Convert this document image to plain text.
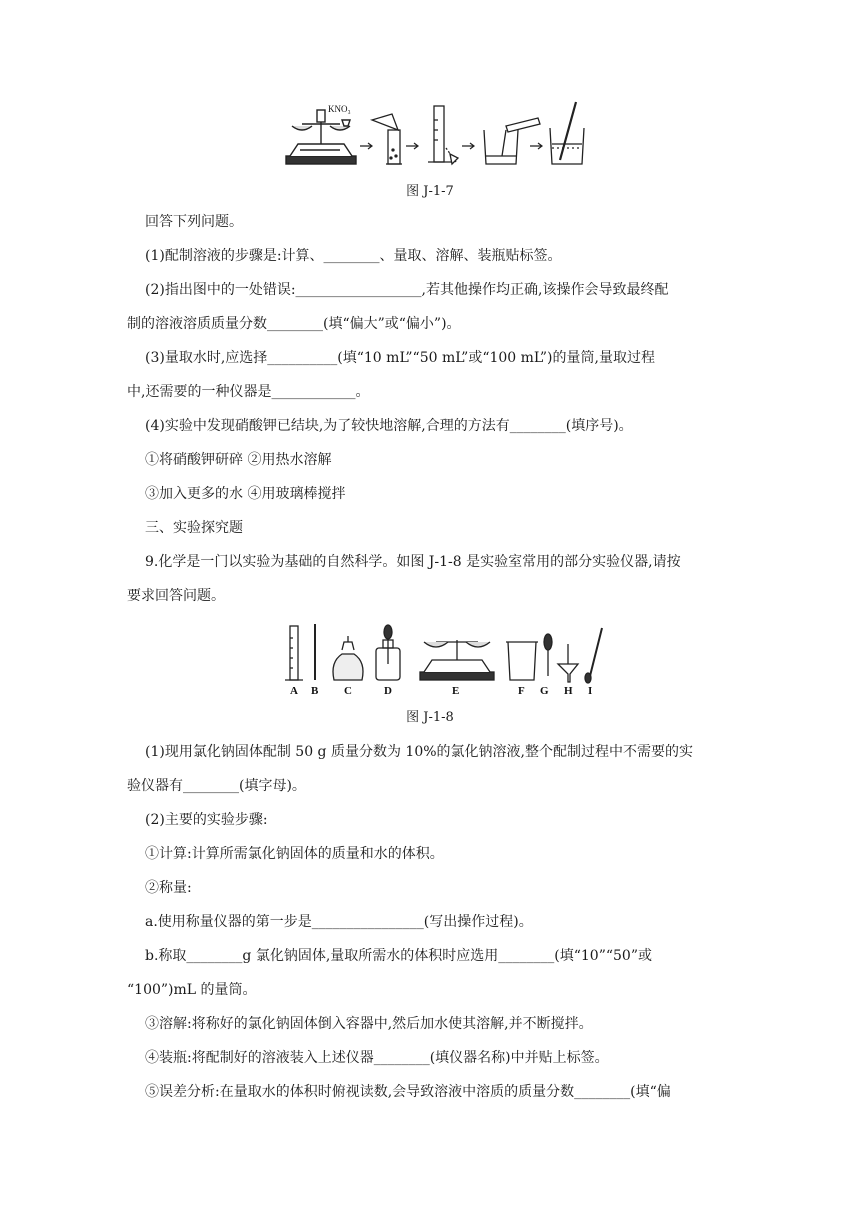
KNO₃
图 J-1-7
回答下列问题。
(1)配制溶液的步骤是:计算、________、量取、溶解、装瓶贴标签。
(2)指出图中的一处错误:__________________,若其他操作均正确,该操作会导致最终配
制的溶液溶质质量分数________(填“偏大”或“偏小”)。
(3)量取水时,应选择__________(填“10 mL”“50 mL”或“100 mL”)的量筒,量取过程
中,还需要的一种仪器是____________。
(4)实验中发现硝酸钾已结块,为了较快地溶解,合理的方法有________(填序号)。
①将硝酸钾研碎 ②用热水溶解
③加入更多的水 ④用玻璃棒搅拌
三、实验探究题
9.化学是一门以实验为基础的自然科学。如图 J-1-8 是实验室常用的部分实验仪器,请按
要求回答问题。
A B C	D	E	F G H I
图 J-1-8
(1)现用氯化钠固体配制 50 g 质量分数为 10%的氯化钠溶液,整个配制过程中不需要的实
验仪器有________(填字母)。
(2)主要的实验步骤:
①计算:计算所需氯化钠固体的质量和水的体积。
②称量:
a.使用称量仪器的第一步是________________(写出操作过程)。
b.称取________g 氯化钠固体,量取所需水的体积时应选用________(填“10”“50”或
“100”)mL 的量筒。
③溶解:将称好的氯化钠固体倒入容器中,然后加水使其溶解,并不断搅拌。
④装瓶:将配制好的溶液装入上述仪器________(填仪器名称)中并贴上标签。
⑤误差分析:在量取水的体积时俯视读数,会导致溶液中溶质的质量分数________(填“偏
